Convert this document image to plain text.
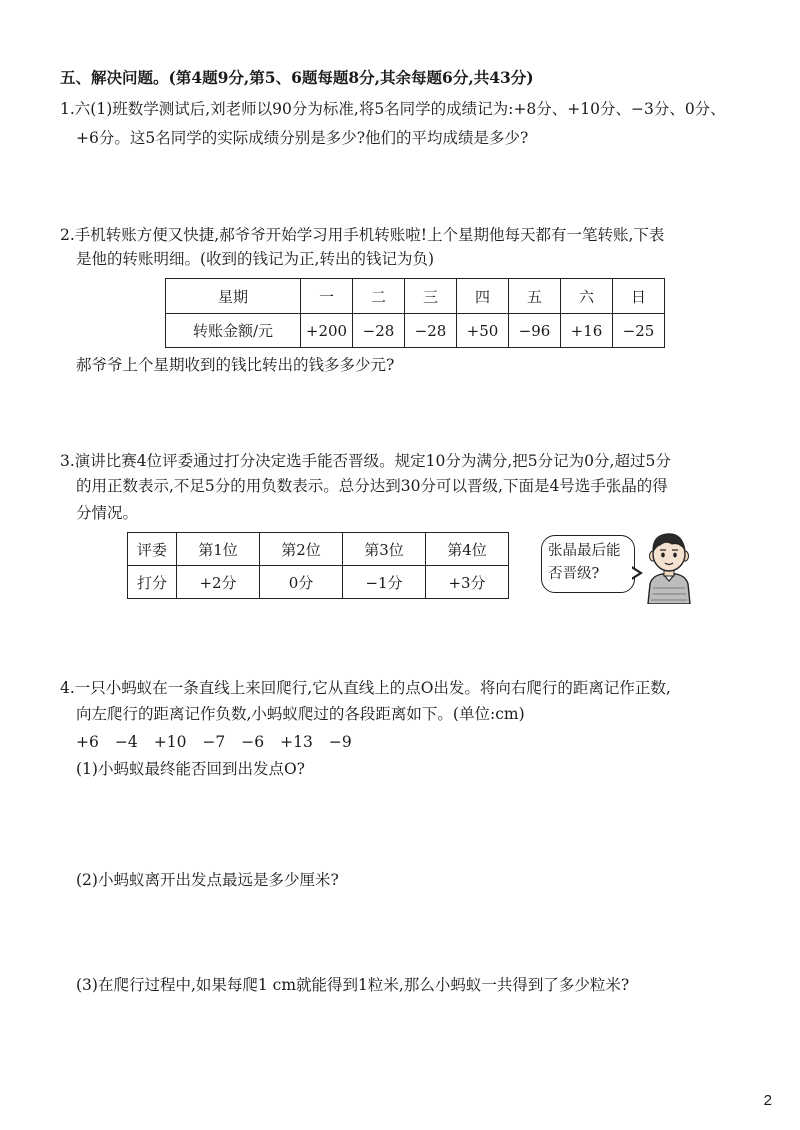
五、解决问题。(第4题9分,第5、6题每题8分,其余每题6分,共43分)
1.六(1)班数学测试后,刘老师以90分为标准,将5名同学的成绩记为:+8分、+10分、−3分、0分、
+6分。这5名同学的实际成绩分别是多少?他们的平均成绩是多少?
2.手机转账方便又快捷,郝爷爷开始学习用手机转账啦!上个星期他每天都有一笔转账,下表
是他的转账明细。(收到的钱记为正,转出的钱记为负)
星期	一	二	三	四	五	六	日
转账金额/元	+200	−28	−28	+50	−96	+16	−25
郝爷爷上个星期收到的钱比转出的钱多多少元?
3.演讲比赛4位评委通过打分决定选手能否晋级。规定10分为满分,把5分记为0分,超过5分
的用正数表示,不足5分的用负数表示。总分达到30分可以晋级,下面是4号选手张晶的得
分情况。
评委	第1位	第2位	第3位	第4位
打分	+2分	0分	−1分	+3分
张晶最后能
否晋级?
4.一只小蚂蚁在一条直线上来回爬行,它从直线上的点O出发。将向右爬行的距离记作正数,
向左爬行的距离记作负数,小蚂蚁爬过的各段距离如下。(单位:cm)
+6 −4 +10 −7 −6 +13 −9
(1)小蚂蚁最终能否回到出发点O?
(2)小蚂蚁离开出发点最远是多少厘米?
(3)在爬行过程中,如果每爬1 cm就能得到1粒米,那么小蚂蚁一共得到了多少粒米?
2
